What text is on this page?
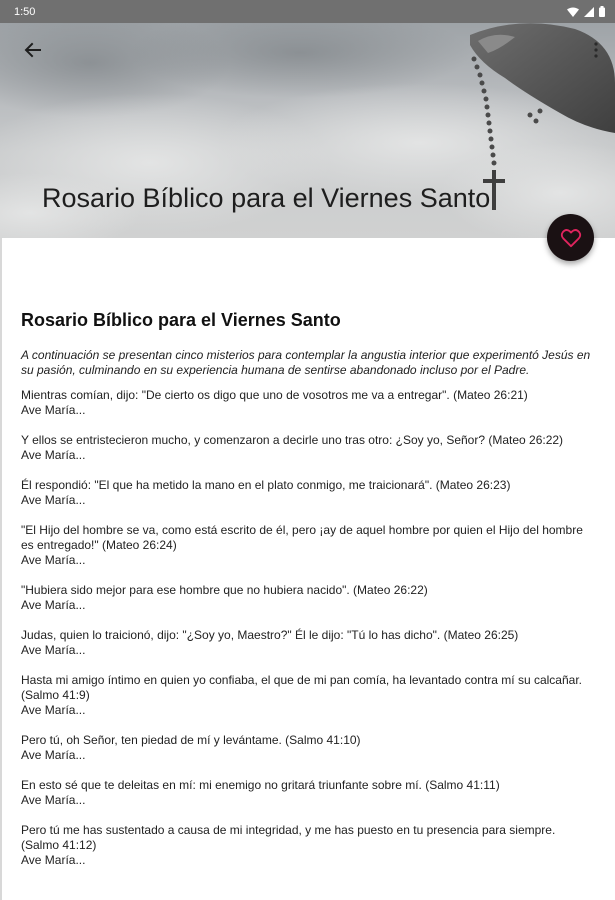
1:50
Rosario Bíblico para el Viernes Santo
Rosario Bíblico para el Viernes Santo

A continuación se presentan cinco misterios para contemplar la angustia interior que experimentó Jesús en su pasión, culminando en su experiencia humana de sentirse abandonado incluso por el Padre.

Mientras comían, dijo: "De cierto os digo que uno de vosotros me va a entregar". (Mateo 26:21)
Ave María...

Y ellos se entristecieron mucho, y comenzaron a decirle uno tras otro: ¿Soy yo, Señor? (Mateo 26:22)
Ave María...

Él respondió: "El que ha metido la mano en el plato conmigo, me traicionará". (Mateo 26:23)
Ave María...

"El Hijo del hombre se va, como está escrito de él, pero ¡ay de aquel hombre por quien el Hijo del hombre es entregado!" (Mateo 26:24)
Ave María...

"Hubiera sido mejor para ese hombre que no hubiera nacido". (Mateo 26:22)
Ave María...

Judas, quien lo traicionó, dijo: "¿Soy yo, Maestro?" Él le dijo: "Tú lo has dicho". (Mateo 26:25)
Ave María...

Hasta mi amigo íntimo en quien yo confiaba, el que de mi pan comía, ha levantado contra mí su calcañar. (Salmo 41:9)
Ave María...

Pero tú, oh Señor, ten piedad de mí y levántame. (Salmo 41:10)
Ave María...

En esto sé que te deleitas en mí: mi enemigo no gritará triunfante sobre mí. (Salmo 41:11)
Ave María...

Pero tú me has sustentado a causa de mi integridad, y me has puesto en tu presencia para siempre. (Salmo 41:12)
Ave María...
